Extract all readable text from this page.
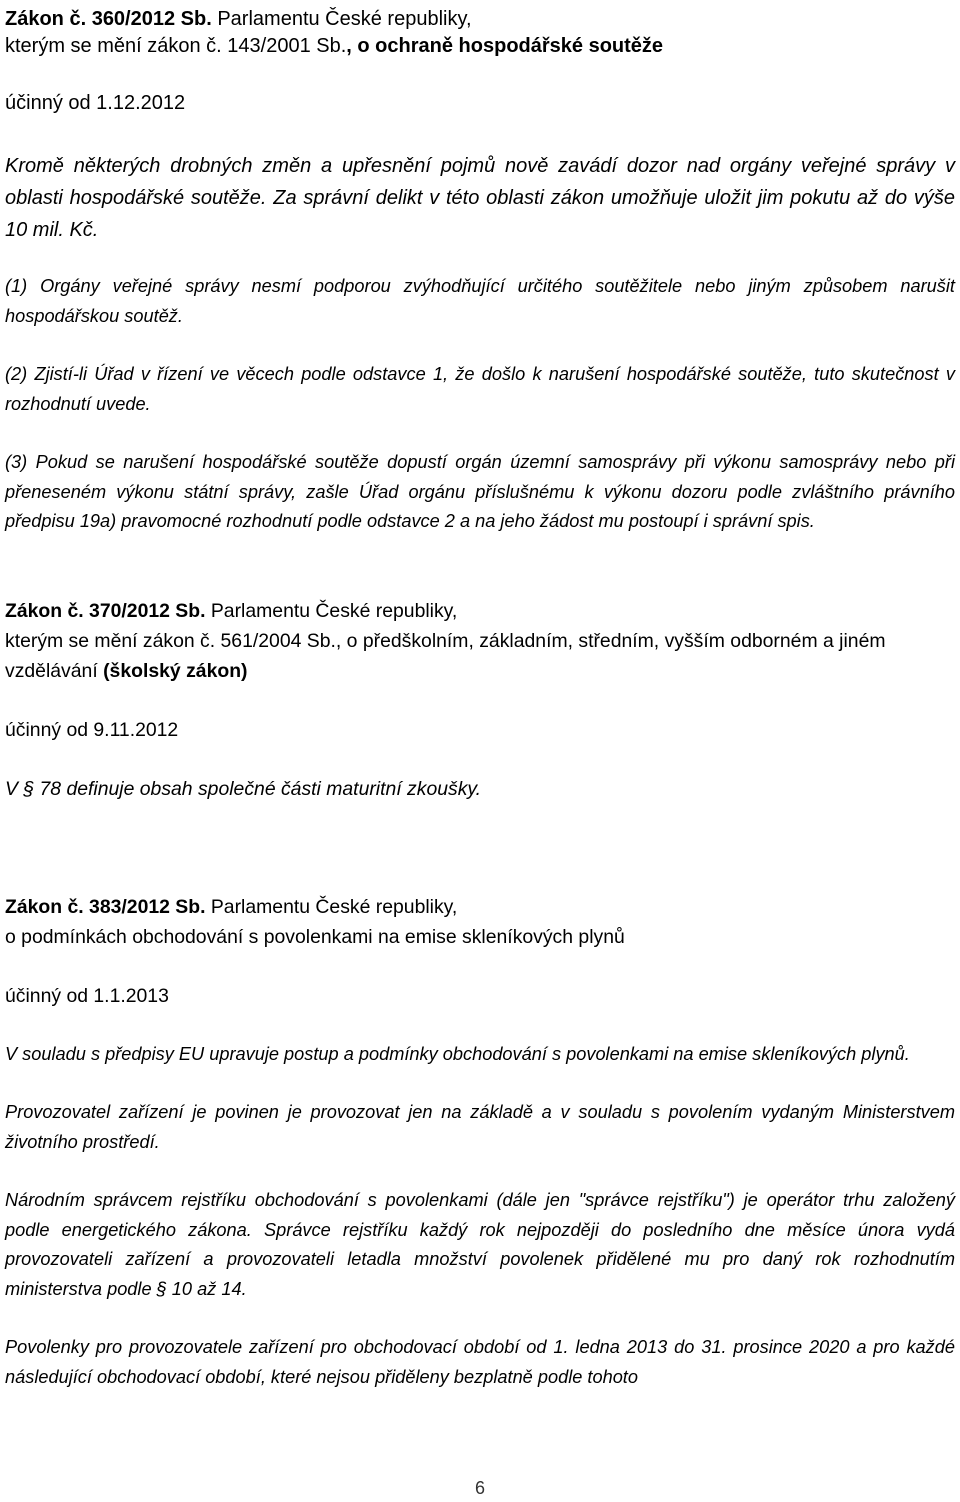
Zákon č. 360/2012 Sb. Parlamentu České republiky,
kterým se mění zákon č. 143/2001 Sb., o ochraně hospodářské soutěže

účinný od 1.12.2012

Kromě některých drobných změn a upřesnění pojmů nově zavádí dozor nad orgány veřejné správy v oblasti hospodářské soutěže. Za správní delikt v této oblasti zákon umožňuje uložit jim pokutu až do výše 10 mil. Kč.

(1) Orgány veřejné správy nesmí podporou zvýhodňující určitého soutěžitele nebo jiným způsobem narušit hospodářskou soutěž.

(2) Zjistí-li Úřad v řízení ve věcech podle odstavce 1, že došlo k narušení hospodářské soutěže, tuto skutečnost v rozhodnutí uvede.

(3) Pokud se narušení hospodářské soutěže dopustí orgán územní samosprávy při výkonu samosprávy nebo při přeneseném výkonu státní správy, zašle Úřad orgánu příslušnému k výkonu dozoru podle zvláštního právního předpisu 19a) pravomocné rozhodnutí podle odstavce 2 a na jeho žádost mu postoupí i správní spis.

Zákon č. 370/2012 Sb. Parlamentu České republiky,
kterým se mění zákon č. 561/2004 Sb., o předškolním, základním, středním, vyšším odborném a jiném vzdělávání (školský zákon)

účinný od 9.11.2012

V § 78 definuje obsah společné části maturitní zkoušky.

Zákon č. 383/2012 Sb. Parlamentu České republiky,
o podmínkách obchodování s povolenkami na emise skleníkových plynů

účinný od 1.1.2013

V souladu s předpisy EU upravuje postup a podmínky obchodování s povolenkami na emise skleníkových plynů.

Provozovatel zařízení je povinen je provozovat jen na základě a v souladu s povolením vydaným Ministerstvem životního prostředí.

Národním správcem rejstříku obchodování s povolenkami (dále jen "správce rejstříku") je operátor trhu založený podle energetického zákona. Správce rejstříku každý rok nejpozději do posledního dne měsíce února vydá provozovateli zařízení a provozovateli letadla množství povolenek přidělené mu pro daný rok rozhodnutím ministerstva podle § 10 až 14.

Povolenky pro provozovatele zařízení pro obchodovací období od 1. ledna 2013 do 31. prosince 2020 a pro každé následující obchodovací období, které nejsou přiděleny bezplatně podle tohoto

6
